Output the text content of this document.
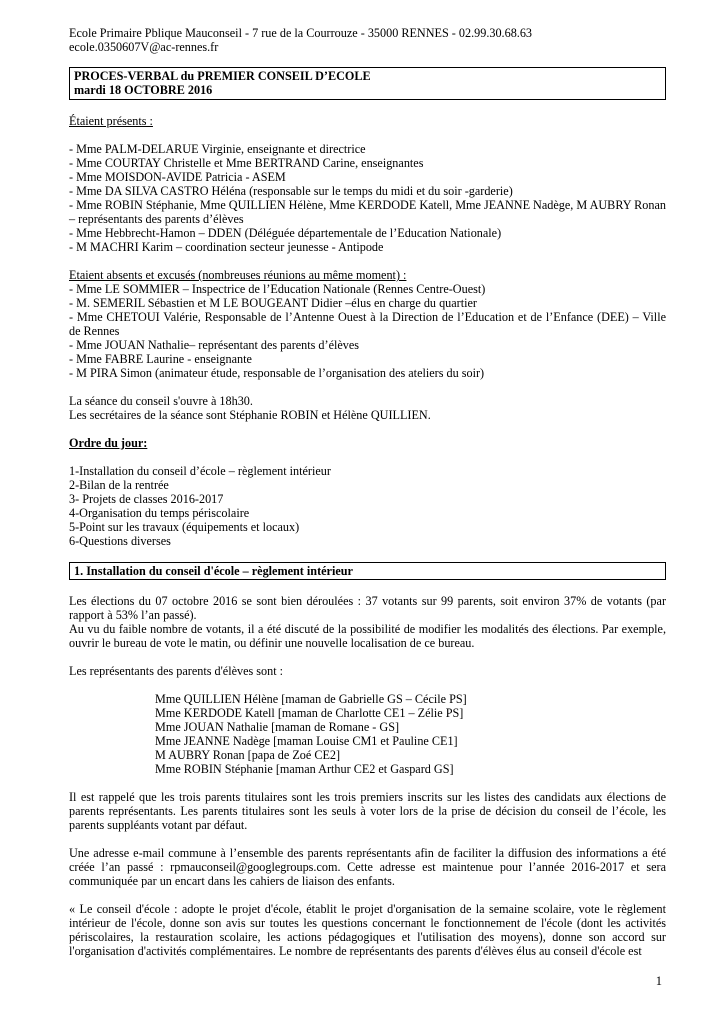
Ecole Primaire Pblique Mauconseil - 7 rue de la Courrouze - 35000 RENNES - 02.99.30.68.63
ecole.0350607V@ac-rennes.fr
PROCES-VERBAL du PREMIER CONSEIL D’ECOLE
mardi 18 OCTOBRE 2016
Étaient présents :
- Mme PALM-DELARUE Virginie, enseignante et directrice
- Mme COURTAY Christelle et Mme BERTRAND Carine, enseignantes
- Mme MOISDON-AVIDE Patricia - ASEM
- Mme DA SILVA CASTRO Héléna (responsable sur le temps du midi et du soir -garderie)
- Mme ROBIN Stéphanie, Mme QUILLIEN Hélène, Mme KERDODE Katell, Mme JEANNE Nadège, M AUBRY Ronan – représentants des parents d’élèves
- Mme Hebbrecht-Hamon – DDEN (Déléguée départementale de l’Education Nationale)
- M MACHRI Karim – coordination secteur jeunesse - Antipode
Etaient absents et excusés (nombreuses réunions au même moment) :
- Mme LE SOMMIER – Inspectrice de l’Education Nationale (Rennes Centre-Ouest)
- M. SEMERIL Sébastien et M LE BOUGEANT Didier –élus en charge du quartier
- Mme CHETOUI Valérie, Responsable de l’Antenne Ouest à la Direction de l’Education et de l’Enfance (DEE) – Ville de Rennes
- Mme JOUAN Nathalie– représentant des parents d’élèves
- Mme FABRE Laurine - enseignante
- M PIRA Simon (animateur étude, responsable de l’organisation des ateliers du soir)
La séance du conseil s'ouvre à 18h30.
Les secrétaires de la séance sont Stéphanie ROBIN et Hélène QUILLIEN.
Ordre du jour:
1-Installation du conseil d’école – règlement intérieur
2-Bilan de la rentrée
3- Projets de classes 2016-2017
4-Organisation du temps périscolaire
5-Point sur les travaux (équipements et locaux)
6-Questions diverses
1. Installation du conseil d'école – règlement intérieur
Les élections du 07 octobre 2016 se sont bien déroulées : 37 votants sur 99 parents, soit environ 37% de votants (par rapport à 53% l’an passé).
Au vu du faible nombre de votants, il a été discuté de la possibilité de modifier les modalités des élections. Par exemple, ouvrir le bureau de vote le matin, ou définir une nouvelle localisation de ce bureau.
Les représentants des parents d'élèves sont :
Mme QUILLIEN Hélène [maman de Gabrielle GS – Cécile PS]
Mme KERDODE Katell [maman de Charlotte CE1 – Zélie PS]
Mme JOUAN Nathalie [maman de Romane - GS]
Mme JEANNE Nadège [maman Louise CM1 et Pauline CE1]
M AUBRY Ronan [papa de Zoé CE2]
Mme ROBIN Stéphanie [maman Arthur CE2 et Gaspard GS]
Il est rappelé que les trois parents titulaires sont les trois premiers inscrits sur les listes des candidats aux élections de parents représentants. Les parents titulaires sont les seuls à voter lors de la prise de décision du conseil de l’école, les parents suppléants votant par défaut.
Une adresse e-mail commune à l’ensemble des parents représentants afin de faciliter la diffusion des informations a été créée l’an passé : rpmauconseil@googlegroups.com. Cette adresse est maintenue pour l’année 2016-2017 et sera communiquée par un encart dans les cahiers de liaison des enfants.
« Le conseil d'école : adopte le projet d'école, établit le projet d'organisation de la semaine scolaire, vote le règlement intérieur de l'école, donne son avis sur toutes les questions concernant le fonctionnement de l'école (dont les activités périscolaires, la restauration scolaire, les actions pédagogiques et l'utilisation des moyens), donne son accord sur l'organisation d'activités complémentaires. Le nombre de représentants des parents d'élèves élus au conseil d'école est
1
